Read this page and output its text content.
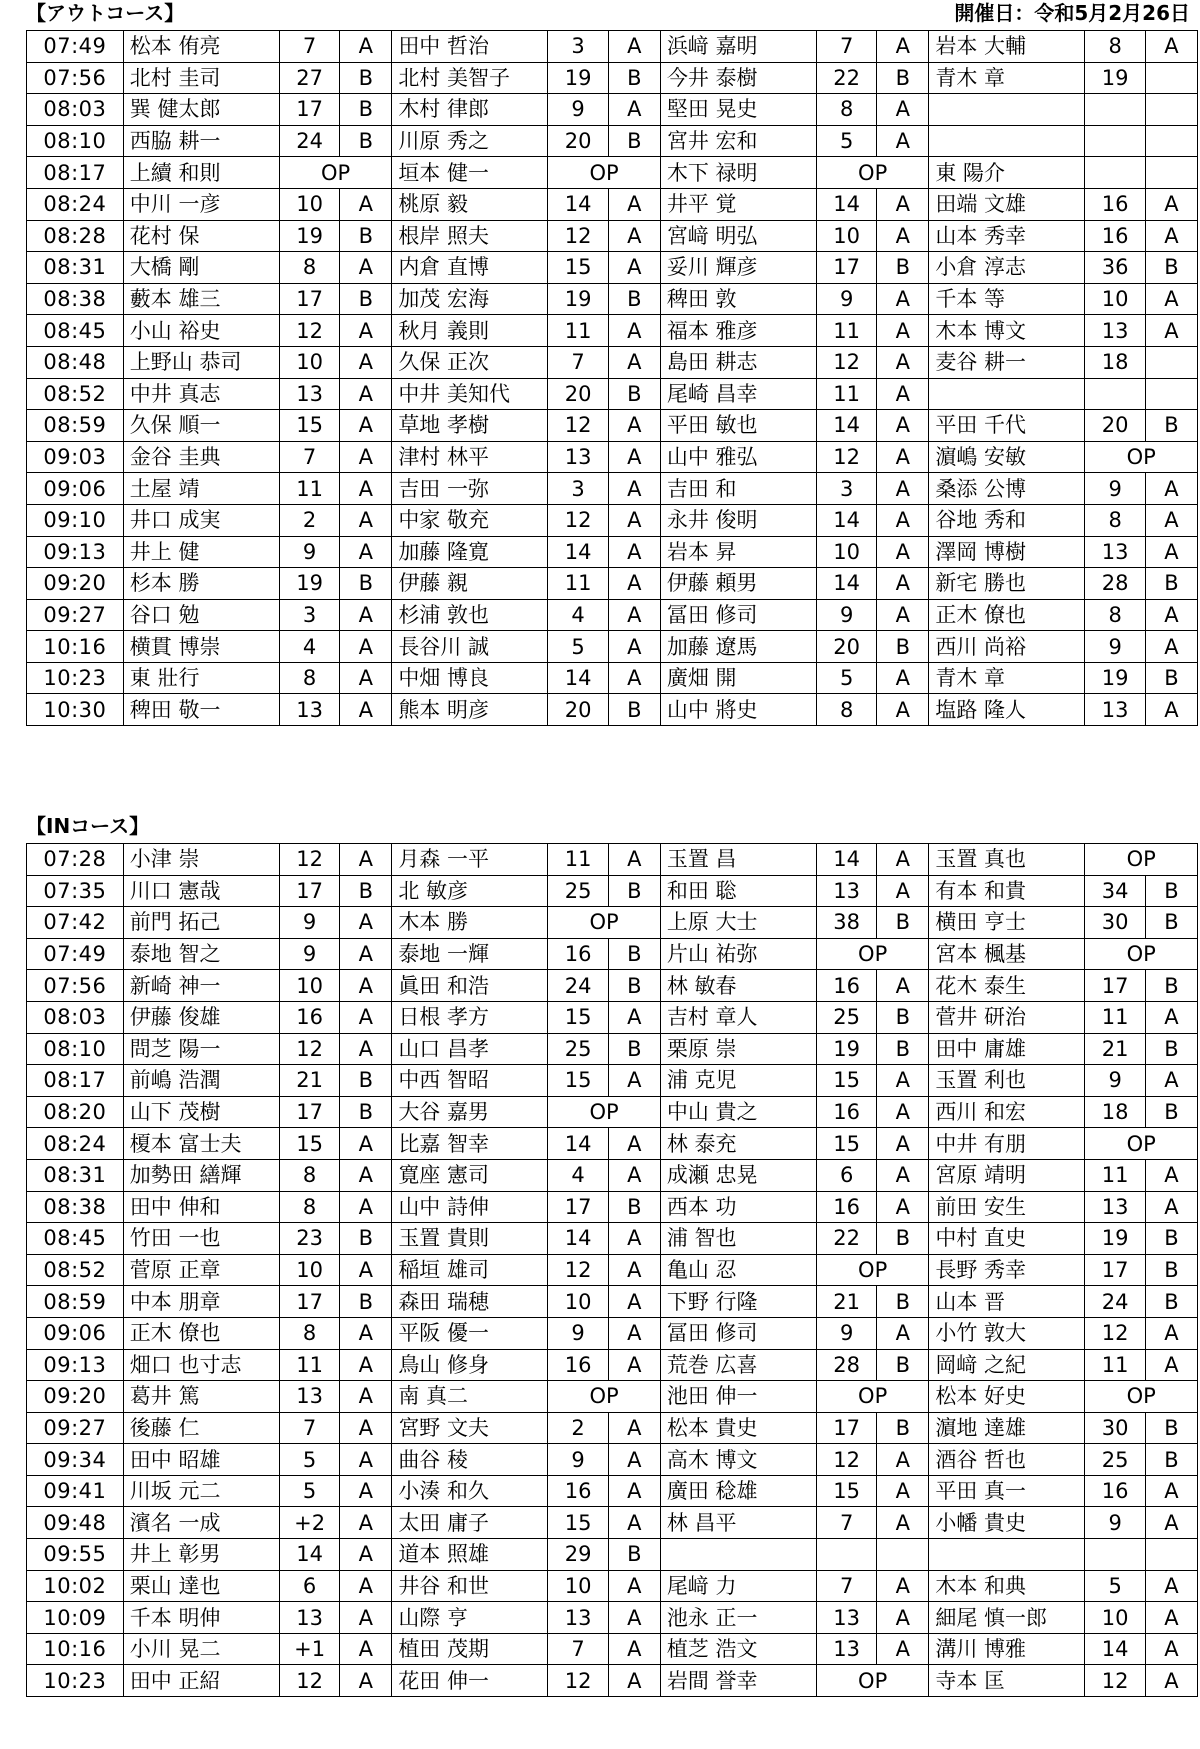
【アウトコース】	開催日：令和5月2月26日
07:49	松本 侑亮	7	A	田中 哲治	3	A	浜﨑 嘉明	7	A	岩本 大輔	8	A
07:56	北村 圭司	27	B	北村 美智子	19	B	今井 泰樹	22	B	青木 章	19	
08:03	巽 健太郎	17	B	木村 律郎	9	A	堅田 晃史	8	A			
08:10	西脇 耕一	24	B	川原 秀之	20	B	宮井 宏和	5	A			
08:17	上續 和則	OP		垣本 健一	OP		木下 禄明	OP		東 陽介		
08:24	中川 一彦	10	A	桃原 毅	14	A	井平 覚	14	A	田端 文雄	16	A
08:28	花村 保	19	B	根岸 照夫	12	A	宮﨑 明弘	10	A	山本 秀幸	16	A
08:31	大橋 剛	8	A	内倉 直博	15	A	妥川 輝彦	17	B	小倉 淳志	36	B
08:38	藪本 雄三	17	B	加茂 宏海	19	B	稗田 敦	9	A	千本 等	10	A
08:45	小山 裕史	12	A	秋月 義則	11	A	福本 雅彦	11	A	木本 博文	13	A
08:48	上野山 恭司	10	A	久保 正次	7	A	島田 耕志	12	A	麦谷 耕一	18	
08:52	中井 真志	13	A	中井 美知代	20	B	尾崎 昌幸	11	A			
08:59	久保 順一	15	A	草地 孝樹	12	A	平田 敏也	14	A	平田 千代	20	B
09:03	金谷 圭典	7	A	津村 林平	13	A	山中 雅弘	12	A	濵嶋 安敏	OP	
09:06	土屋 靖	11	A	吉田 一弥	3	A	吉田 和	3	A	桑添 公博	9	A
09:10	井口 成実	2	A	中家 敬充	12	A	永井 俊明	14	A	谷地 秀和	8	A
09:13	井上 健	9	A	加藤 隆寛	14	A	岩本 昇	10	A	澤岡 博樹	13	A
09:20	杉本 勝	19	B	伊藤 親	11	A	伊藤 頼男	14	A	新宅 勝也	28	B
09:27	谷口 勉	3	A	杉浦 敦也	4	A	冨田 修司	9	A	正木 僚也	8	A
10:16	横貫 博崇	4	A	長谷川 誠	5	A	加藤 遼馬	20	B	西川 尚裕	9	A
10:23	東 壯行	8	A	中畑 博良	14	A	廣畑 開	5	A	青木 章	19	B
10:30	稗田 敬一	13	A	熊本 明彦	20	B	山中 將史	8	A	塩路 隆人	13	A
【INコース】
07:28	小津 崇	12	A	月森 一平	11	A	玉置 昌	14	A	玉置 真也	OP	
07:35	川口 憲哉	17	B	北 敏彦	25	B	和田 聡	13	A	有本 和貴	34	B
07:42	前門 拓己	9	A	木本 勝	OP		上原 大士	38	B	横田 亨士	30	B
07:49	泰地 智之	9	A	泰地 一輝	16	B	片山 祐弥	OP		宮本 楓基	OP	
07:56	新崎 神一	10	A	眞田 和浩	24	B	林 敏春	16	A	花木 泰生	17	B
08:03	伊藤 俊雄	16	A	日根 孝方	15	A	吉村 章人	25	B	菅井 研治	11	A
08:10	問芝 陽一	12	A	山口 昌孝	25	B	栗原 崇	19	B	田中 庸雄	21	B
08:17	前嶋 浩潤	21	B	中西 智昭	15	A	浦 克児	15	A	玉置 利也	9	A
08:20	山下 茂樹	17	B	大谷 嘉男	OP		中山 貴之	16	A	西川 和宏	18	B
08:24	榎本 富士夫	15	A	比嘉 智幸	14	A	林 泰充	15	A	中井 有朋	OP	
08:31	加勢田 繕輝	8	A	寛座 憲司	4	A	成瀬 忠晃	6	A	宮原 靖明	11	A
08:38	田中 伸和	8	A	山中 詩伸	17	B	西本 功	16	A	前田 安生	13	A
08:45	竹田 一也	23	B	玉置 貴則	14	A	浦 智也	22	B	中村 直史	19	B
08:52	菅原 正章	10	A	稲垣 雄司	12	A	亀山 忍	OP		長野 秀幸	17	B
08:59	中本 朋章	17	B	森田 瑞穂	10	A	下野 行隆	21	B	山本 晋	24	B
09:06	正木 僚也	8	A	平阪 優一	9	A	冨田 修司	9	A	小竹 敦大	12	A
09:13	畑口 也寸志	11	A	鳥山 修身	16	A	荒巻 広喜	28	B	岡﨑 之紀	11	A
09:20	葛井 篤	13	A	南 真二	OP		池田 伸一	OP		松本 好史	OP	
09:27	後藤 仁	7	A	宮野 文夫	2	A	松本 貴史	17	B	濵地 達雄	30	B
09:34	田中 昭雄	5	A	曲谷 稜	9	A	高木 博文	12	A	酒谷 哲也	25	B
09:41	川坂 元二	5	A	小湊 和久	16	A	廣田 稔雄	15	A	平田 真一	16	A
09:48	濱名 一成	+2	A	太田 庸子	15	A	林 昌平	7	A	小幡 貴史	9	A
09:55	井上 彰男	14	A	道本 照雄	29	B						
10:02	栗山 達也	6	A	井谷 和世	10	A	尾﨑 力	7	A	木本 和典	5	A
10:09	千本 明伸	13	A	山際 亨	13	A	池永 正一	13	A	細尾 慎一郎	10	A
10:16	小川 晃二	+1	A	植田 茂期	7	A	植芝 浩文	13	A	溝川 博雅	14	A
10:23	田中 正紹	12	A	花田 伸一	12	A	岩間 誉幸	OP		寺本 匡	12	A
